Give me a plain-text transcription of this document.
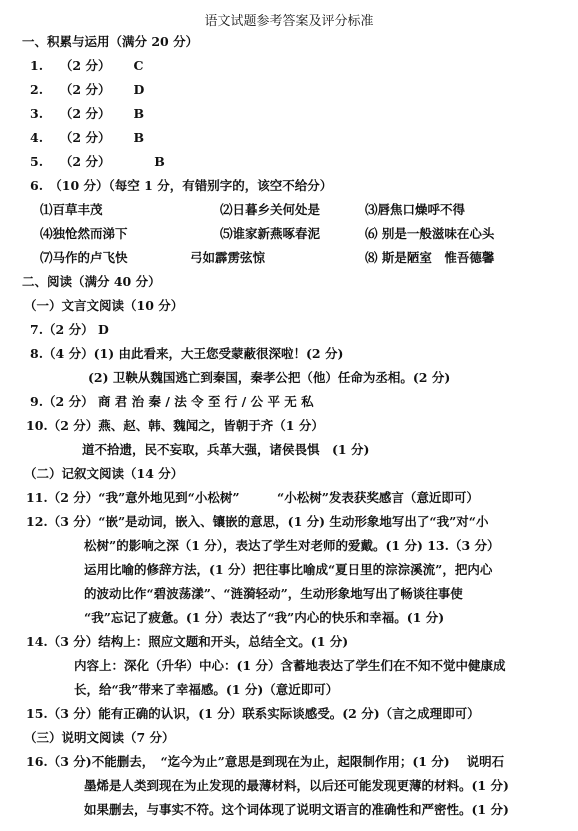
语文试题参考答案及评分标准
一、积累与运用（满分 20 分）
1.　 （2 分）　　 C
2.　 （2 分）　　 D
3.　 （2 分）　　 B
4.　 （2 分）　　 B
5.　 （2 分）　　　　B
6.　（10 分）（每空 1 分，有错别字的，该空不给分）
⑴百草丰茂	⑵日暮乡关何处是	⑶唇焦口燥呼不得
⑷独怆然而涕下	⑸谁家新燕啄春泥	⑹ 别是一般滋味在心头
⑺马作的卢飞快	弓如霹雳弦惊	⑻ 斯是陋室　惟吾德馨
二、阅读（满分 40 分）
（一）文言文阅读（10 分）
7.（2 分） D
8.（4 分）(1) 由此看来，大王您受蒙蔽很深啦！(2 分)
(2) 卫鞅从魏国逃亡到秦国，秦孝公把（他）任命为丞相。(2 分)
9.（2 分） 商 君 治 秦 / 法 令 至 行 / 公 平 无 私
10.（2 分）燕、赵、韩、魏闻之，皆朝于齐（1 分）
道不拾遗，民不妄取，兵革大强，诸侯畏惧　(1 分)
（二）记叙文阅读（14 分）
11.（2 分）“我”意外地见到“小松树”　　　“小松树”发表获奖感言（意近即可）
12.（3 分）“嵌”是动词，嵌入、镶嵌的意思，(1 分) 生动形象地写出了“我”对“小
松树”的影响之深（1 分），表达了学生对老师的爱戴。(1 分) 13.（3 分）
运用比喻的修辞方法，(1 分）把往事比喻成“夏日里的淙淙溪流”，把内心
的波动比作“碧波荡漾”、“涟漪轻动”，生动形象地写出了畅谈往事使
“我”忘记了疲惫。(1 分）表达了“我”内心的快乐和幸福。(1 分)
14.（3 分）结构上：照应文题和开头，总结全文。(1 分)
内容上：深化（升华）中心：(1 分）含蓄地表达了学生们在不知不觉中健康成
长，给“我”带来了幸福感。(1 分)（意近即可）
15.（3 分）能有正确的认识，(1 分）联系实际谈感受。(2 分)（言之成理即可）
（三）说明文阅读（7 分）
16.（3 分)不能删去，　“迄今为止”意思是到现在为止，起限制作用；(1 分)　 说明石
墨烯是人类到现在为止发现的最薄材料，以后还可能发现更薄的材料。(1 分)
如果删去，与事实不符。这个词体现了说明文语言的准确性和严密性。(1 分)
